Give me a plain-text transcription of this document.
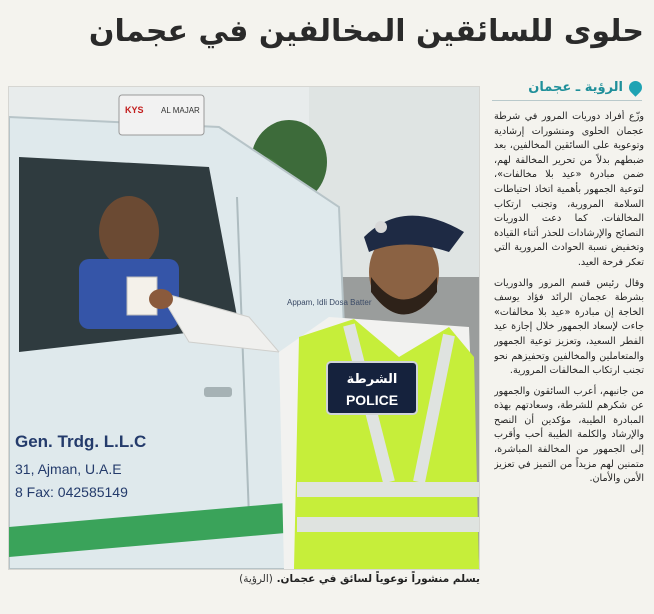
حلوى للسائقين المخالفين في عجمان
الرؤية ـ عجمان

وزّع أفراد دوريات المرور في شرطة عجمان الحلوى ومنشورات إرشادية وتوعوية على السائقين المخالفين، بعد ضبطهم بدلاً من تحرير المخالفة لهم، ضمن مبادرة «عيد بلا مخالفات»، لتوعية الجمهور بأهمية اتخاذ احتياطات السلامة المرورية، وتجنب ارتكاب المخالفات. كما دعت الدوريات النصائح والإرشادات للحذر أثناء القيادة وتخفيض نسبة الحوادث المرورية التي تعكر فرحة العيد.

وقال رئيس قسم المرور والدوريات بشرطة عجمان الرائد فؤاد يوسف الخاجة إن مبادرة «عيد بلا مخالفات» جاءت لإسعاد الجمهور خلال إجازة عيد الفطر السعيد، وتعزيز توعية الجمهور والمتعاملين والمخالفين وتحفيزهم نحو تجنب ارتكاب المخالفات المرورية.

من جانبهم، أعرب السائقون والجمهور عن شكرهم للشرطة، وسعادتهم بهذه المبادرة الطيبة، مؤكدين أن النصح والإرشاد والكلمة الطيبة أحب وأقرب إلى الجمهور من المخالفة المباشرة، متمنين لهم مزيداً من التميز في تعزيز الأمن والأمان.

KYS AL MAJAR
Appam, Idli Dosa Batter
Gen. Trdg. L.L.C
31, Ajman, U.A.E
8 Fax: 042585149
الشرطة
POLICE
يسلم منشوراً توعوياً لسائق في عجمان. (الرؤية)
